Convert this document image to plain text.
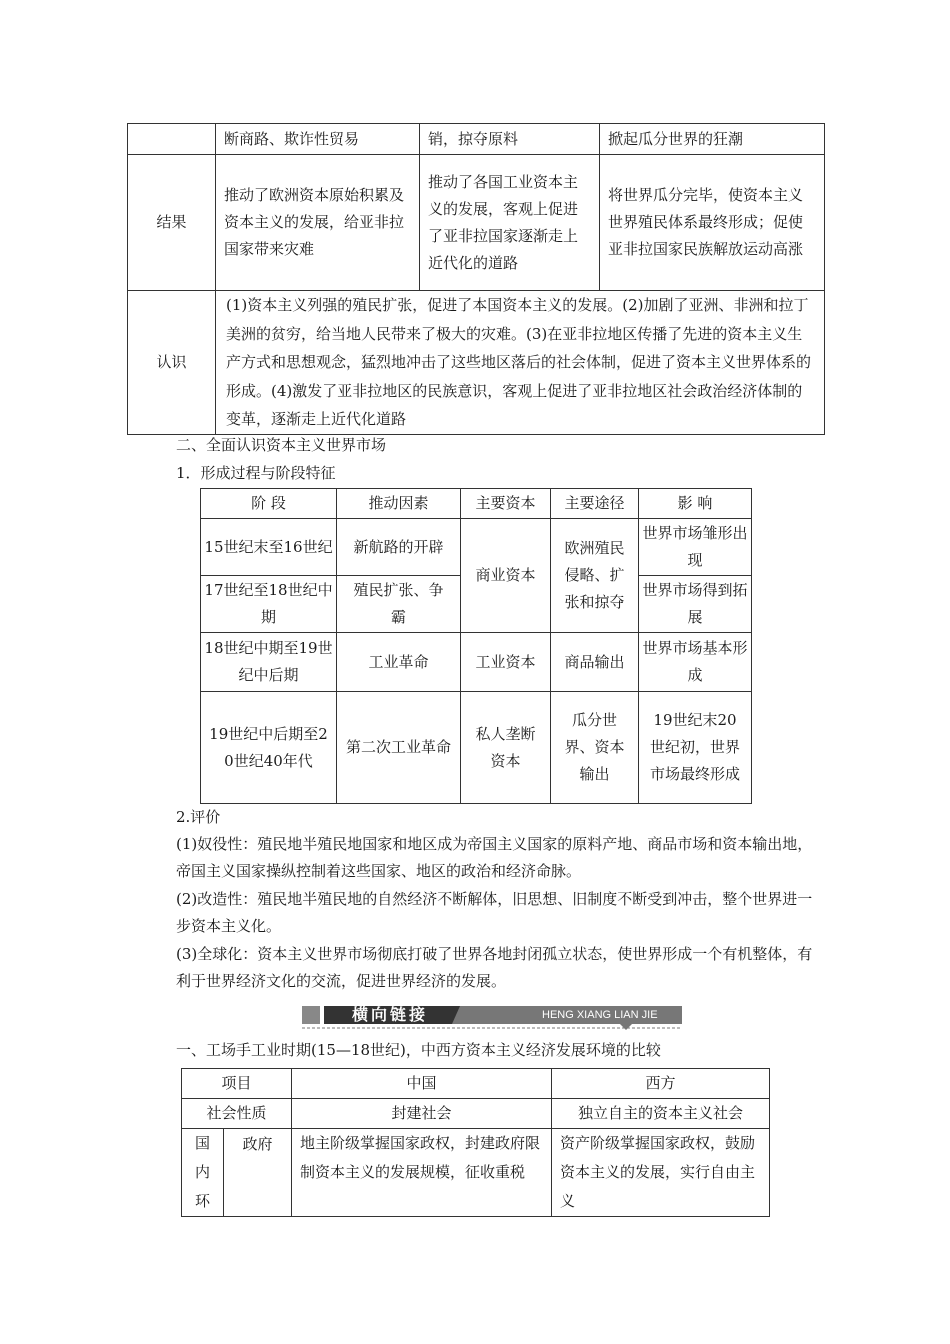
	断商路、欺诈性贸易	销，掠夺原料	掀起瓜分世界的狂潮
结果	推动了欧洲资本原始积累及资本主义的发展，给亚非拉国家带来灾难	推动了各国工业资本主义的发展，客观上促进了亚非拉国家逐渐走上近代化的道路	将世界瓜分完毕，使资本主义世界殖民体系最终形成；促使亚非拉国家民族解放运动高涨
认识	(1)资本主义列强的殖民扩张，促进了本国资本主义的发展。(2)加剧了亚洲、非洲和拉丁美洲的贫穷，给当地人民带来了极大的灾难。(3)在亚非拉地区传播了先进的资本主义生产方式和思想观念，猛烈地冲击了这些地区落后的社会体制，促进了资本主义世界体系的形成。(4)激发了亚非拉地区的民族意识，客观上促进了亚非拉地区社会政治经济体制的变革，逐渐走上近代化道路		
二、全面认识资本主义世界市场
1．形成过程与阶段特征
阶 段	推动因素	主要资本	主要途径	影 响
15世纪末至16世纪	新航路的开辟	商业资本	欧洲殖民侵略、扩张和掠夺	世界市场雏形出现
17世纪至18世纪中期	殖民扩张、争霸			世界市场得到拓展
18世纪中期至19世纪中后期	工业革命	工业资本	商品输出	世界市场基本形成
19世纪中后期至20世纪40年代	第二次工业革命	私人垄断资本	瓜分世界、资本输出	19世纪末20世纪初，世界市场最终形成
2.评价
(1)奴役性：殖民地半殖民地国家和地区成为帝国主义国家的原料产地、商品市场和资本输出地，帝国主义国家操纵控制着这些国家、地区的政治和经济命脉。
(2)改造性：殖民地半殖民地的自然经济不断解体，旧思想、旧制度不断受到冲击，整个世界进一步资本主义化。
(3)全球化：资本主义世界市场彻底打破了世界各地封闭孤立状态，使世界形成一个有机整体，有利于世界经济文化的交流，促进世界经济的发展。
横向链接	HENG XIANG LIAN JIE
一、工场手工业时期(15—18世纪)，中西方资本主义经济发展环境的比较
项目		中国	西方
社会性质		封建社会	独立自主的资本主义社会
国内环	政府	地主阶级掌握国家政权，封建政府限制资本主义的发展规模，征收重税	资产阶级掌握国家政权，鼓励资本主义的发展，实行自由主义
